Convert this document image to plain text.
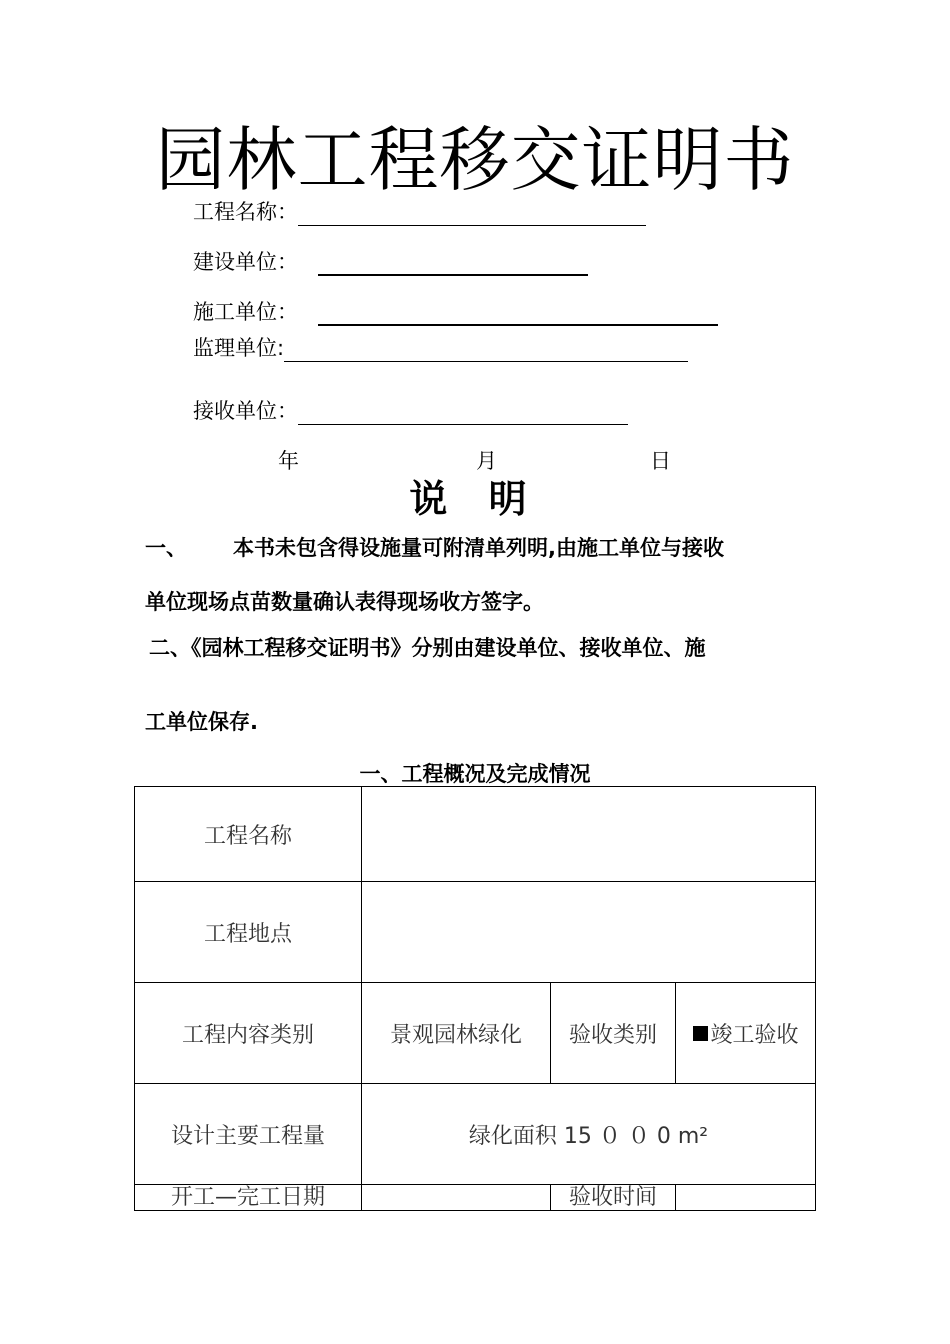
园林工程移交证明书
工程名称：
建设单位：
施工单位：
监理单位:
接收单位：
年	月	日
说 明
一、 本书未包含得设施量可附清单列明,由施工单位与接收
单位现场点苗数量确认表得现场收方签字。
二、《园林工程移交证明书》分别由建设单位、接收单位、施
工单位保存.
一、工程概况及完成情况
工程名称			
工程地点			
工程内容类别	景观园林绿化	验收类别	竣工验收
设计主要工程量	绿化面积 15 ０ ０ 0 m²		
开工—完工日期		验收时间	
